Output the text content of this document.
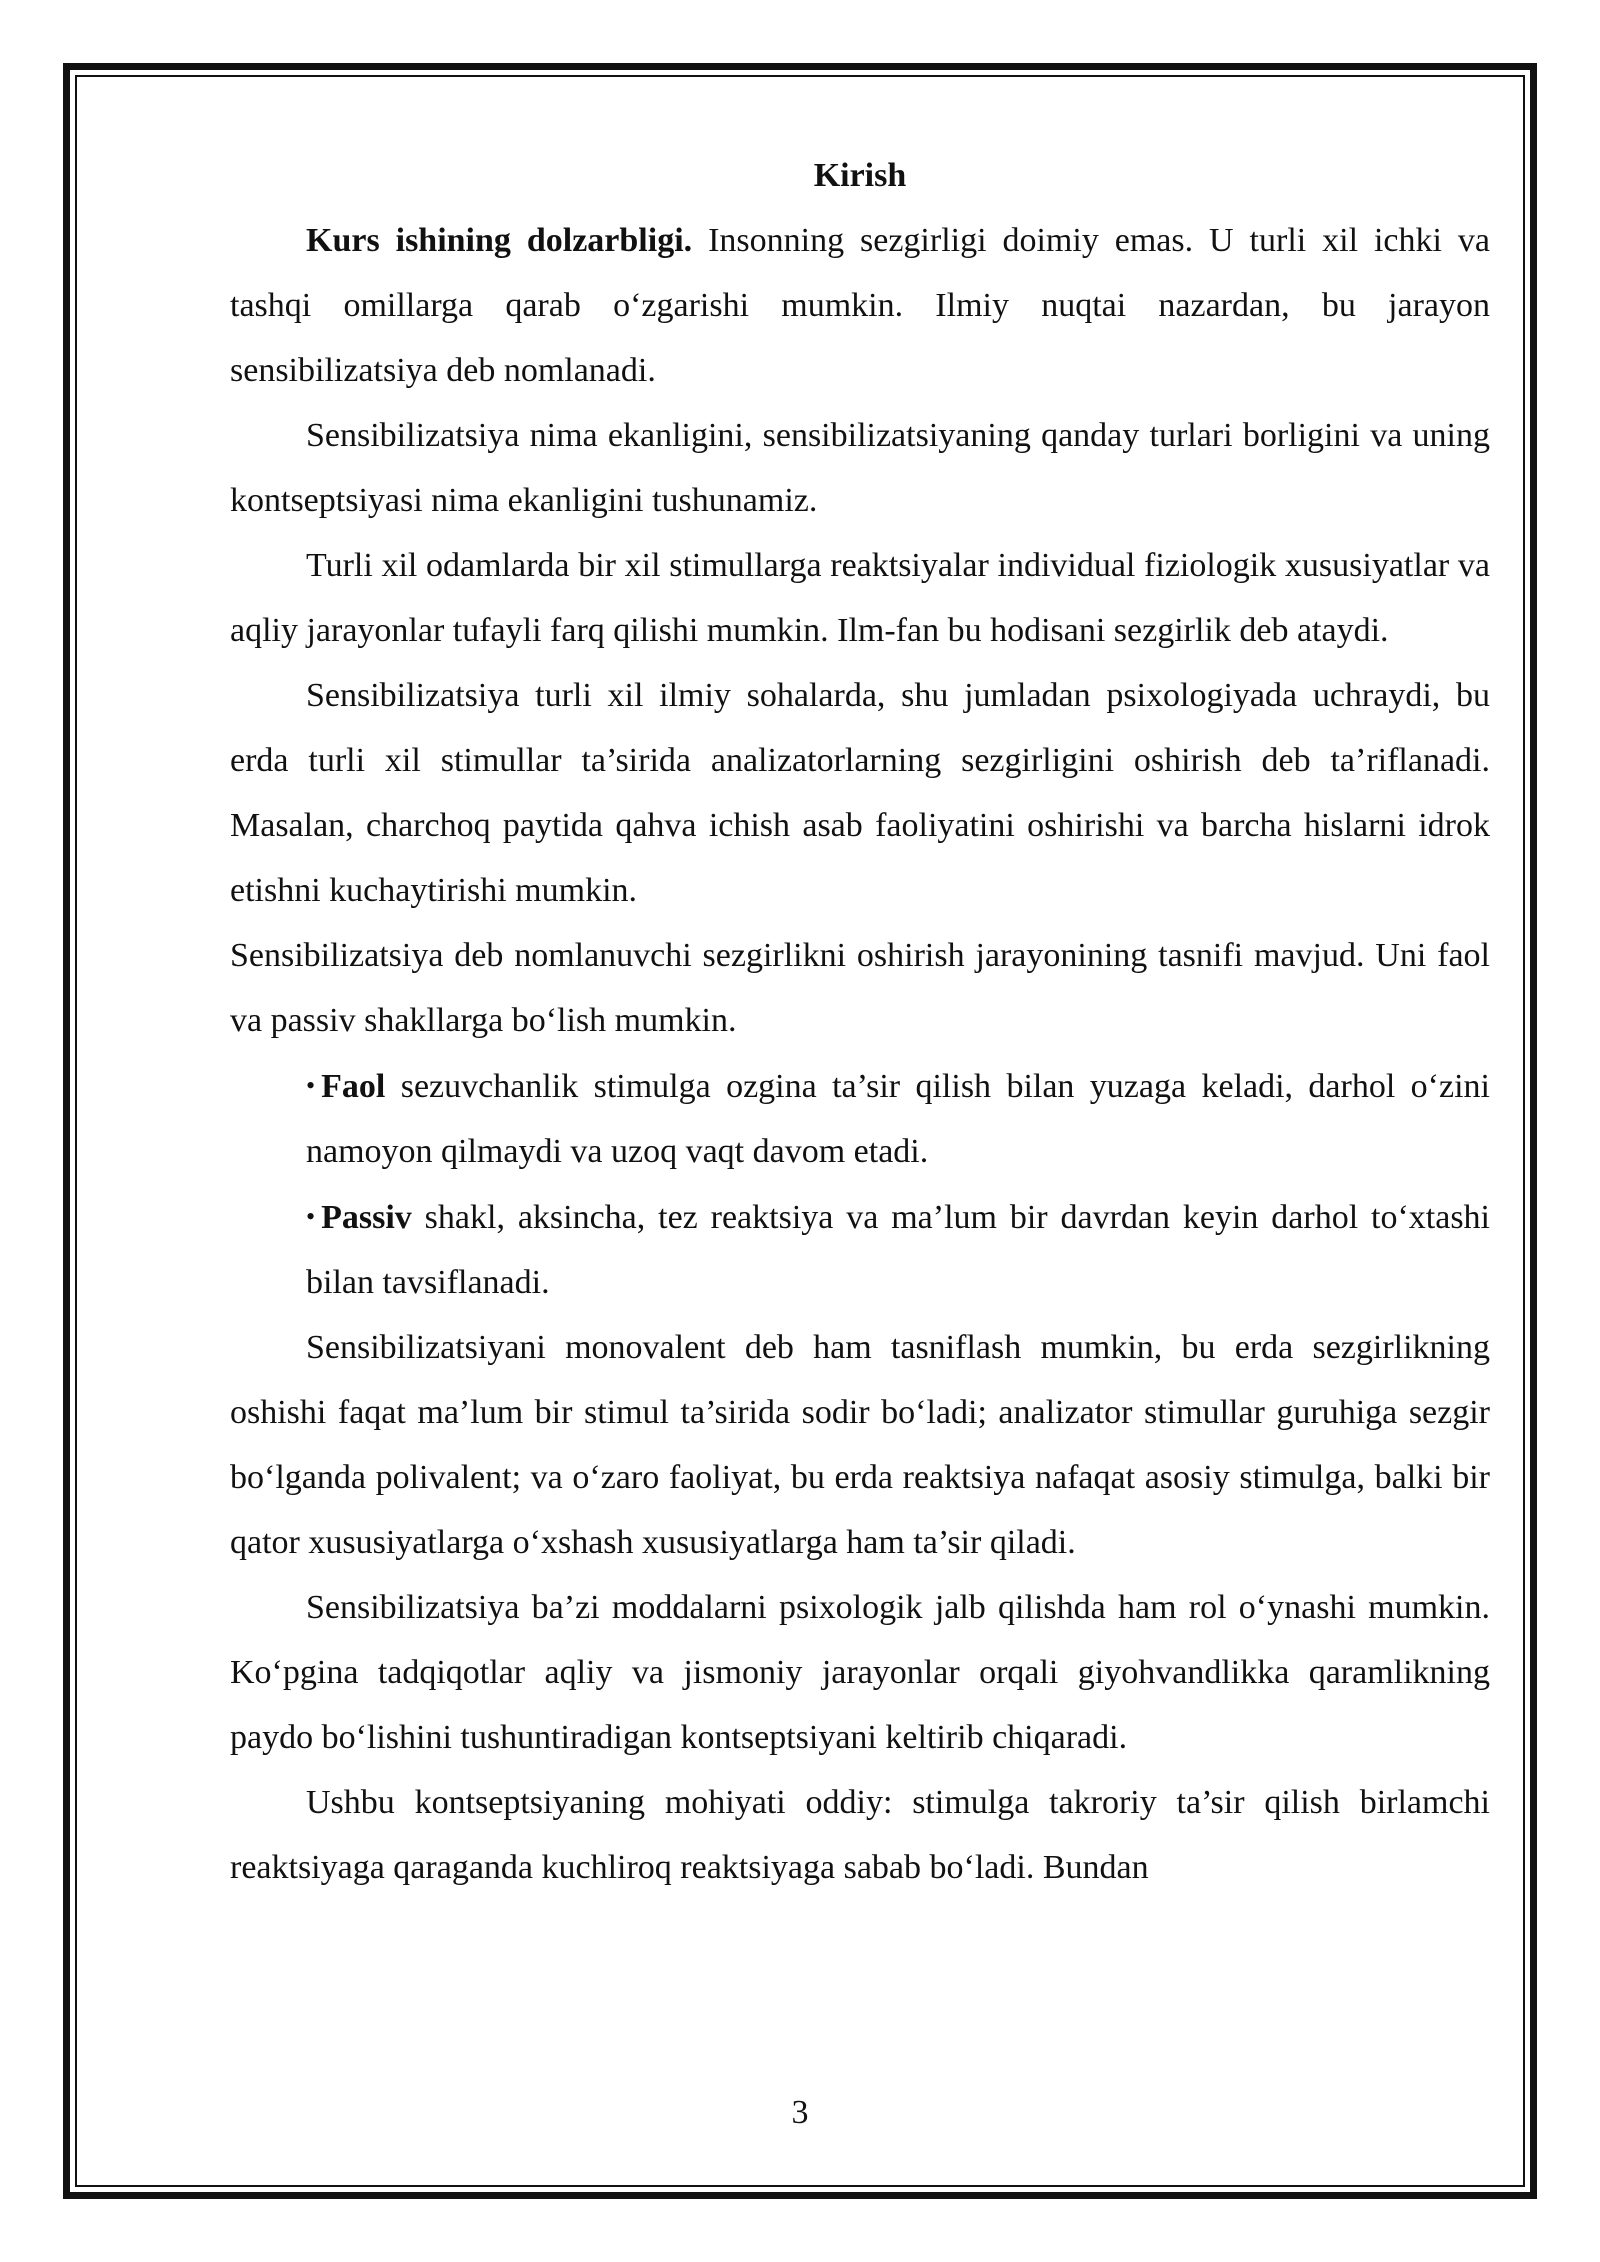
Kirish

Kurs ishining dolzarbligi. Insonning sezgirligi doimiy emas. U turli xil ichki va tashqi omillarga qarab o‘zgarishi mumkin. Ilmiy nuqtai nazardan, bu jarayon sensibilizatsiya deb nomlanadi.

Sensibilizatsiya nima ekanligini, sensibilizatsiyaning qanday turlari borligini va uning kontseptsiyasi nima ekanligini tushunamiz.

Turli xil odamlarda bir xil stimullarga reaktsiyalar individual fiziologik xususiyatlar va aqliy jarayonlar tufayli farq qilishi mumkin. Ilm-fan bu hodisani sezgirlik deb ataydi.

Sensibilizatsiya turli xil ilmiy sohalarda, shu jumladan psixologiyada uchraydi, bu erda turli xil stimullar ta’sirida analizatorlarning sezgirligini oshirish deb ta’riflanadi. Masalan, charchoq paytida qahva ichish asab faoliyatini oshirishi va barcha hislarni idrok etishni kuchaytirishi mumkin.

Sensibilizatsiya deb nomlanuvchi sezgirlikni oshirish jarayonining tasnifi mavjud. Uni faol va passiv shakllarga bo‘lish mumkin.

• Faol sezuvchanlik stimulga ozgina ta’sir qilish bilan yuzaga keladi, darhol o‘zini namoyon qilmaydi va uzoq vaqt davom etadi.

• Passiv shakl, aksincha, tez reaktsiya va ma’lum bir davrdan keyin darhol to‘xtashi bilan tavsiflanadi.

Sensibilizatsiyani monovalent deb ham tasniflash mumkin, bu erda sezgirlikning oshishi faqat ma’lum bir stimul ta’sirida sodir bo‘ladi; analizator stimullar guruhiga sezgir bo‘lganda polivalent; va o‘zaro faoliyat, bu erda reaktsiya nafaqat asosiy stimulga, balki bir qator xususiyatlarga o‘xshash xususiyatlarga ham ta’sir qiladi.

Sensibilizatsiya ba’zi moddalarni psixologik jalb qilishda ham rol o‘ynashi mumkin. Ko‘pgina tadqiqotlar aqliy va jismoniy jarayonlar orqali giyohvandlikka qaramlikning paydo bo‘lishini tushuntiradigan kontseptsiyani keltirib chiqaradi.

Ushbu kontseptsiyaning mohiyati oddiy: stimulga takroriy ta’sir qilish birlamchi reaktsiyaga qaraganda kuchliroq reaktsiyaga sabab bo‘ladi. Bundan

3
